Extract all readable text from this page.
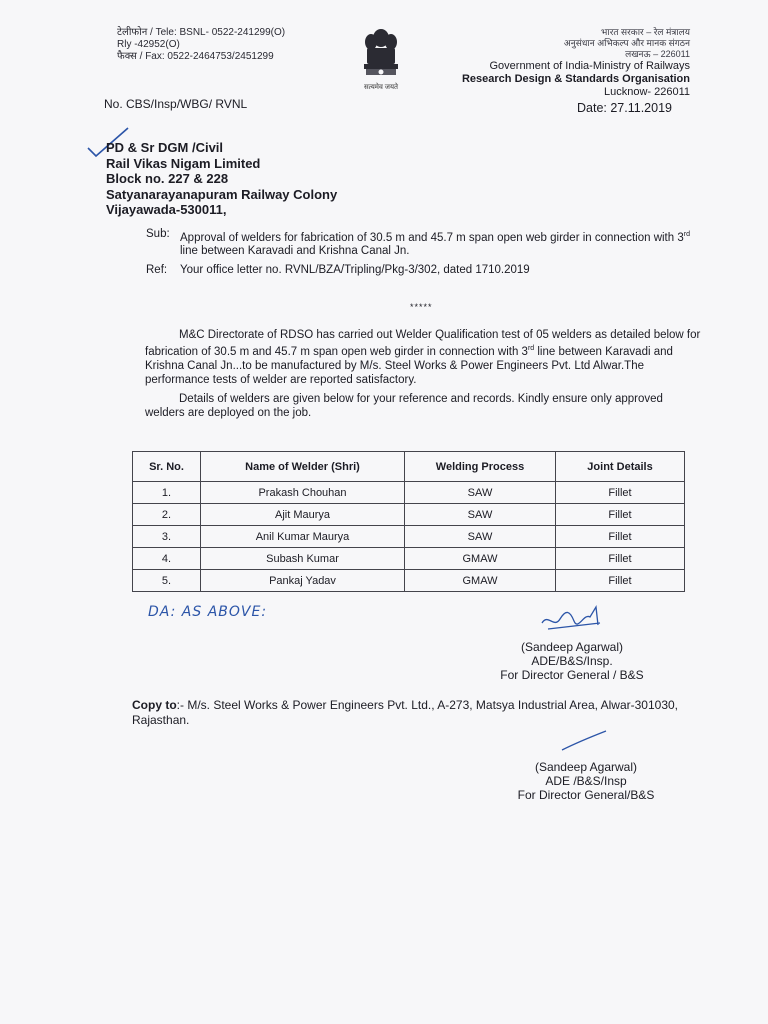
टेलीफोन / Tele: BSNL- 0522-241299(O)
Rly -42952(O)
फैक्स / Fax: 0522-2464753/2451299
सत्यमेव जयते
भारत सरकार – रेल मंत्रालय
अनुसंधान अभिकल्प और मानक संगठन
लखनऊ – 226011
Government of India-Ministry of Railways
Research Design & Standards Organisation
Lucknow- 226011
No. CBS/Insp/WBG/ RVNL	Date: 27.11.2019
PD & Sr DGM /Civil
Rail Vikas Nigam Limited
Block no. 227 & 228
Satyanarayanapuram Railway Colony
Vijayawada-530011,
Sub: Approval of welders for fabrication of 30.5 m and 45.7 m span open web girder in connection with 3rd line between Karavadi and Krishna Canal Jn.
Ref: Your office letter no. RVNL/BZA/Tripling/Pkg-3/302, dated 1710.2019
*****
M&C Directorate of RDSO has carried out Welder Qualification test of 05 welders as detailed below for fabrication of 30.5 m and 45.7 m span open web girder in connection with 3rd line between Karavadi and Krishna Canal Jn...to be manufactured by M/s. Steel Works & Power Engineers Pvt. Ltd Alwar.The performance tests of welder are reported satisfactory.
Details of welders are given below for your reference and records. Kindly ensure only approved welders are deployed on the job.
Sr. No.	Name of Welder (Shri)	Welding Process	Joint Details
1.	Prakash Chouhan	SAW	Fillet
2.	Ajit Maurya	SAW	Fillet
3.	Anil Kumar Maurya	SAW	Fillet
4.	Subash Kumar	GMAW	Fillet
5.	Pankaj Yadav	GMAW	Fillet
DA: AS ABOVE:
(Sandeep Agarwal)
ADE/B&S/Insp.
For Director General / B&S
Copy to:- M/s. Steel Works & Power Engineers Pvt. Ltd., A-273, Matsya Industrial Area, Alwar-301030, Rajasthan.
(Sandeep Agarwal)
ADE /B&S/Insp
For Director General/B&S
